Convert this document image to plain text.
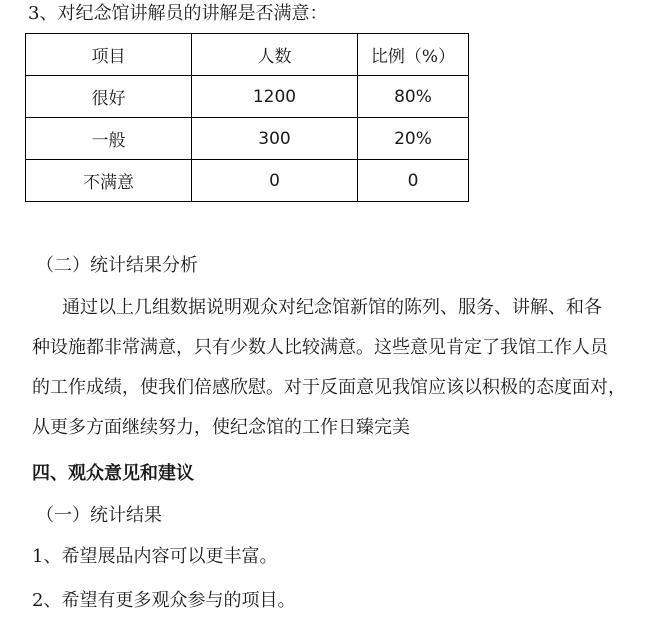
3、对纪念馆讲解员的讲解是否满意：
项目	人数	比例（%）
很好	1200	80%
一般	300	20%
不满意	0	0
（二）统计结果分析
通过以上几组数据说明观众对纪念馆新馆的陈列、服务、讲解、和各
种设施都非常满意，只有少数人比较满意。这些意见肯定了我馆工作人员
的工作成绩，使我们倍感欣慰。对于反面意见我馆应该以积极的态度面对，
从更多方面继续努力，使纪念馆的工作日臻完美
四、观众意见和建议
（一）统计结果
1、希望展品内容可以更丰富。
2、希望有更多观众参与的项目。
